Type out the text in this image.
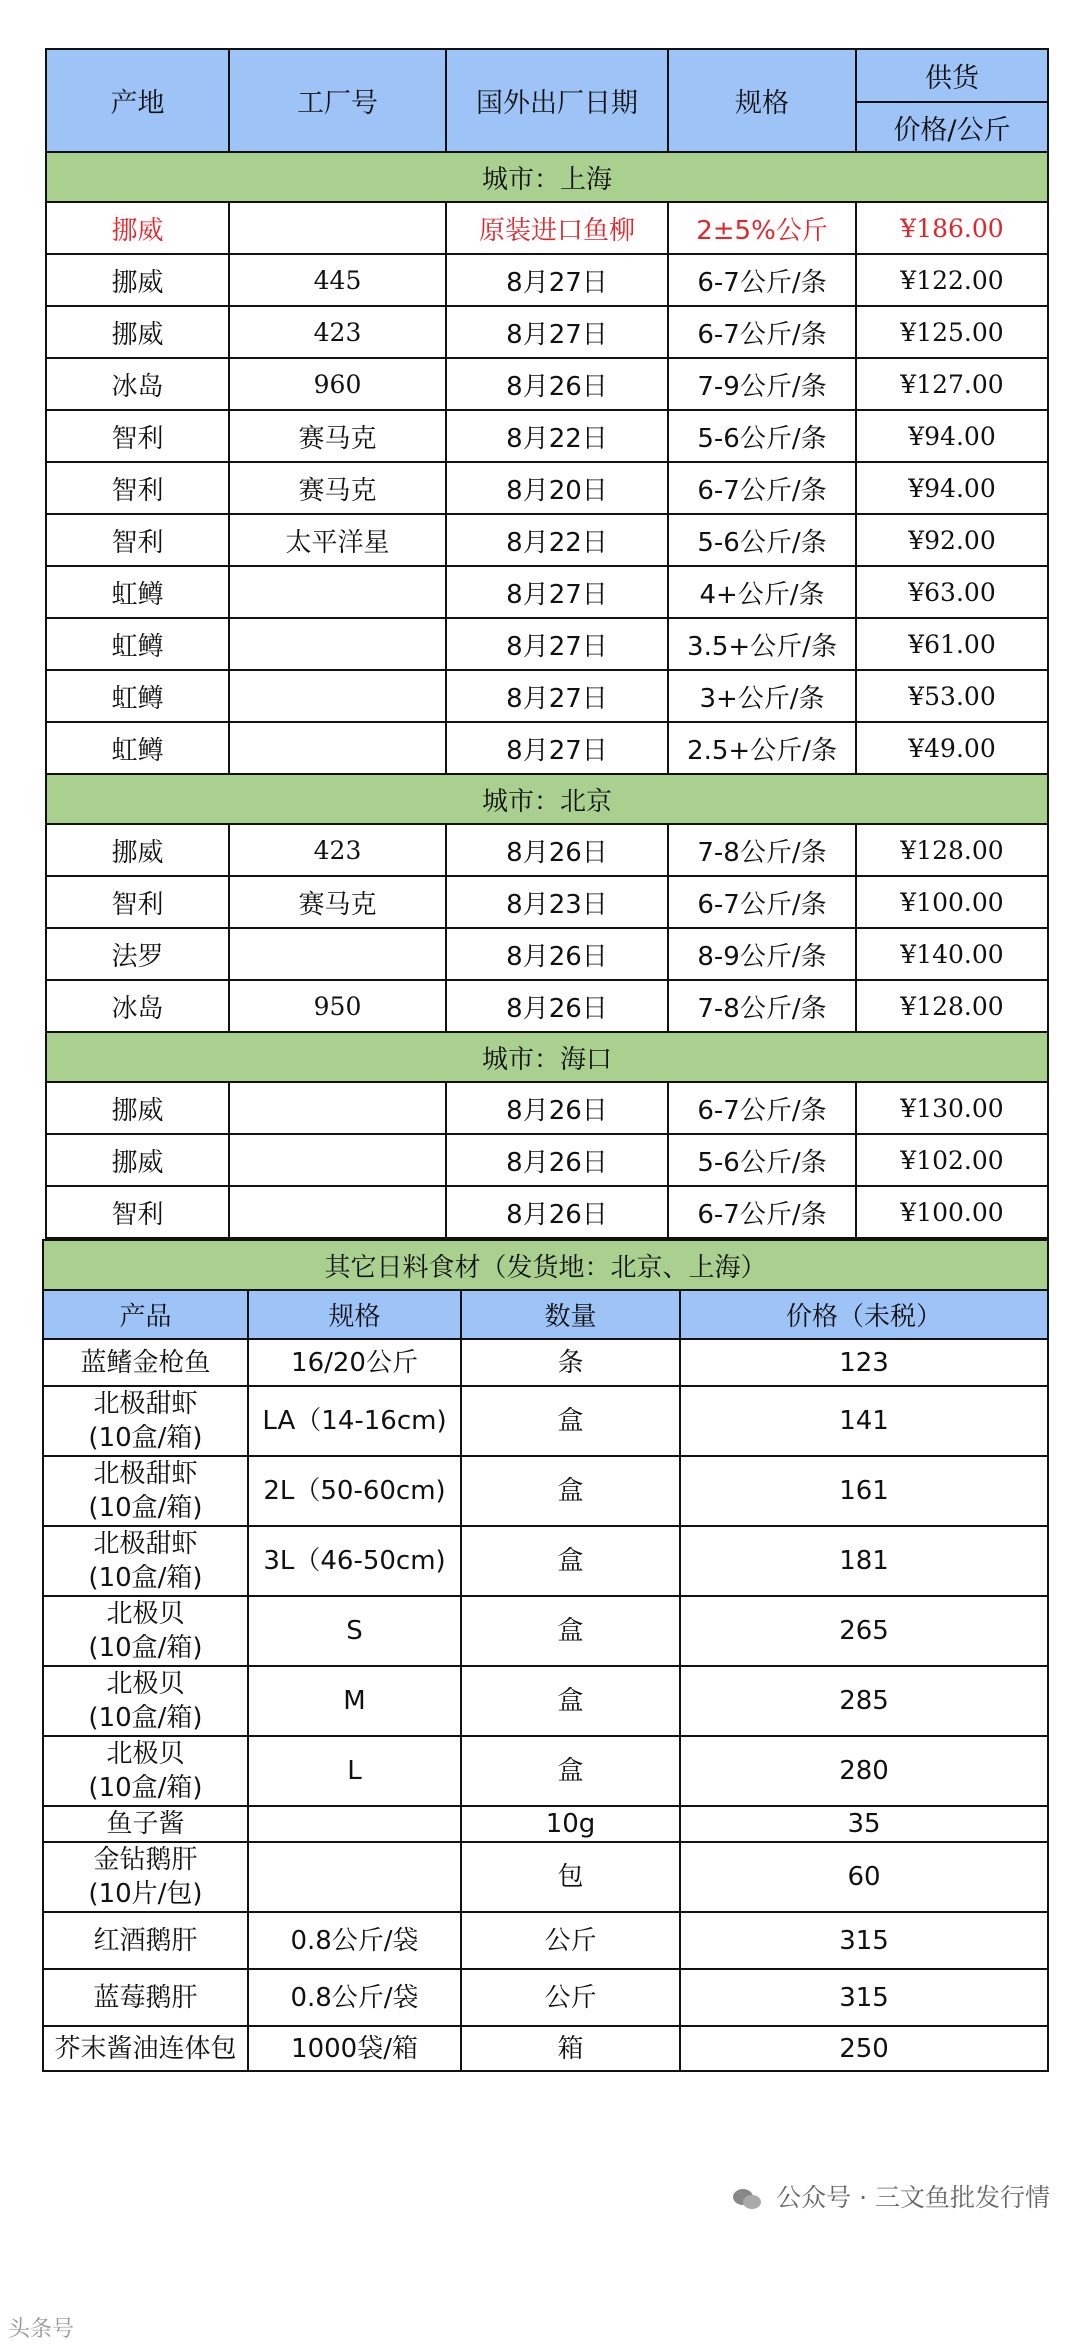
产地	工厂号	国外出厂日期	规格	供货
				价格/公斤
城市：上海				
挪威		原装进口鱼柳	2±5%公斤	¥186.00
挪威	445	8月27日	6-7公斤/条	¥122.00
挪威	423	8月27日	6-7公斤/条	¥125.00
冰岛	960	8月26日	7-9公斤/条	¥127.00
智利	赛马克	8月22日	5-6公斤/条	¥94.00
智利	赛马克	8月20日	6-7公斤/条	¥94.00
智利	太平洋星	8月22日	5-6公斤/条	¥92.00
虹鳟		8月27日	4+公斤/条	¥63.00
虹鳟		8月27日	3.5+公斤/条	¥61.00
虹鳟		8月27日	3+公斤/条	¥53.00
虹鳟		8月27日	2.5+公斤/条	¥49.00
城市：北京				
挪威	423	8月26日	7-8公斤/条	¥128.00
智利	赛马克	8月23日	6-7公斤/条	¥100.00
法罗		8月26日	8-9公斤/条	¥140.00
冰岛	950	8月26日	7-8公斤/条	¥128.00
城市：海口				
挪威		8月26日	6-7公斤/条	¥130.00
挪威		8月26日	5-6公斤/条	¥102.00
智利		8月26日	6-7公斤/条	¥100.00
其它日料食材（发货地：北京、上海）			
产品	规格	数量	价格（未税）
蓝鳍金枪鱼	16/20公斤	条	123
北极甜虾
(10盒/箱)	LA（14-16cm)	盒	141
北极甜虾
(10盒/箱)	2L（50-60cm)	盒	161
北极甜虾
(10盒/箱)	3L（46-50cm)	盒	181
北极贝
(10盒/箱)	S	盒	265
北极贝
(10盒/箱)	M	盒	285
北极贝
(10盒/箱)	L	盒	280
鱼子酱		10g	35
金钻鹅肝
(10片/包)		包	60
红酒鹅肝	0.8公斤/袋	公斤	315
蓝莓鹅肝	0.8公斤/袋	公斤	315
芥末酱油连体包	1000袋/箱	箱	250
公众号 · 三文鱼批发行情
头条号
